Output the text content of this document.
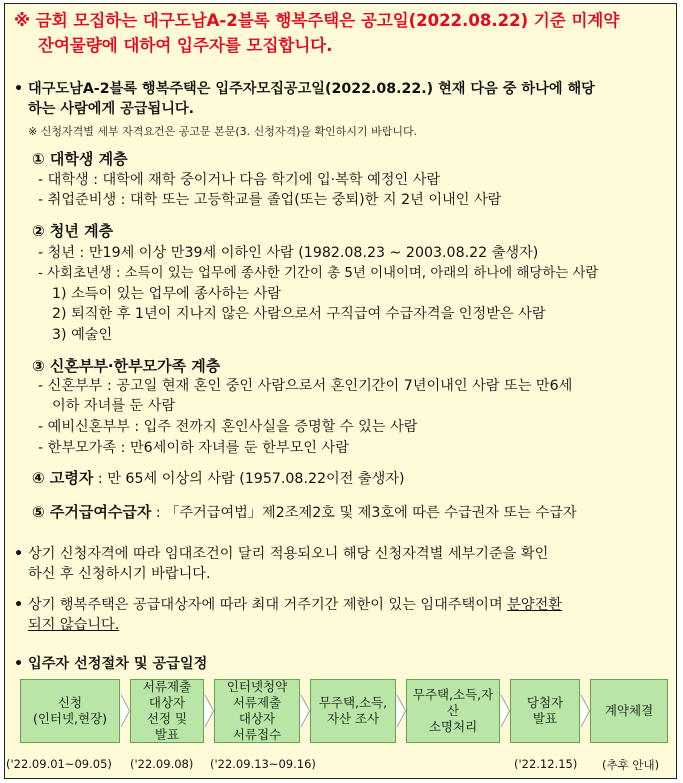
※ 금회 모집하는 대구도남A-2블록 행복주택은 공고일(2022.08.22) 기준 미계약
잔여물량에 대하여 입주자를 모집합니다.
• 대구도남A-2블록 행복주택은 입주자모집공고일(2022.08.22.) 현재 다음 중 하나에 해당
하는 사람에게 공급됩니다.
※ 신청자격별 세부 자격요건은 공고문 본문(3. 신청자격)을 확인하시기 바랍니다.
① 대학생 계층
- 대학생 : 대학에 재학 중이거나 다음 학기에 입·복학 예정인 사람
- 취업준비생 : 대학 또는 고등학교를 졸업(또는 중퇴)한 지 2년 이내인 사람
② 청년 계층
- 청년 : 만19세 이상 만39세 이하인 사람 (1982.08.23 ~ 2003.08.22 출생자)
- 사회초년생 : 소득이 있는 업무에 종사한 기간이 총 5년 이내이며, 아래의 하나에 해당하는 사람
1) 소득이 있는 업무에 종사하는 사람
2) 퇴직한 후 1년이 지나지 않은 사람으로서 구직급여 수급자격을 인정받은 사람
3) 예술인
③ 신혼부부·한부모가족 계층
- 신혼부부 : 공고일 현재 혼인 중인 사람으로서 혼인기간이 7년이내인 사람 또는 만6세
이하 자녀를 둔 사람
- 예비신혼부부 : 입주 전까지 혼인사실을 증명할 수 있는 사람
- 한부모가족 : 만6세이하 자녀를 둔 한부모인 사람
④ 고령자 : 만 65세 이상의 사람 (1957.08.22이전 출생자)
⑤ 주거급여수급자 : 「주거급여법」제2조제2호 및 제3호에 따른 수급권자 또는 수급자
• 상기 신청자격에 따라 임대조건이 달리 적용되오니 해당 신청자격별 세부기준을 확인
하신 후 신청하시기 바랍니다.
• 상기 행복주택은 공급대상자에 따라 최대 거주기간 제한이 있는 임대주택이며 분양전환
되지 않습니다.
• 입주자 선정절차 및 공급일정
신청
(인터넷,현장)
서류제출
대상자
선정 및
발표
인터넷청약
서류제출
대상자
서류접수
무주택,소득,
자산 조사
무주택,소득,자산
소명처리
당첨자
발표
계약체결
('22.09.01~09.05) ('22.09.08) ('22.09.13~09.16)	('22.12.15) (추후 안내)
